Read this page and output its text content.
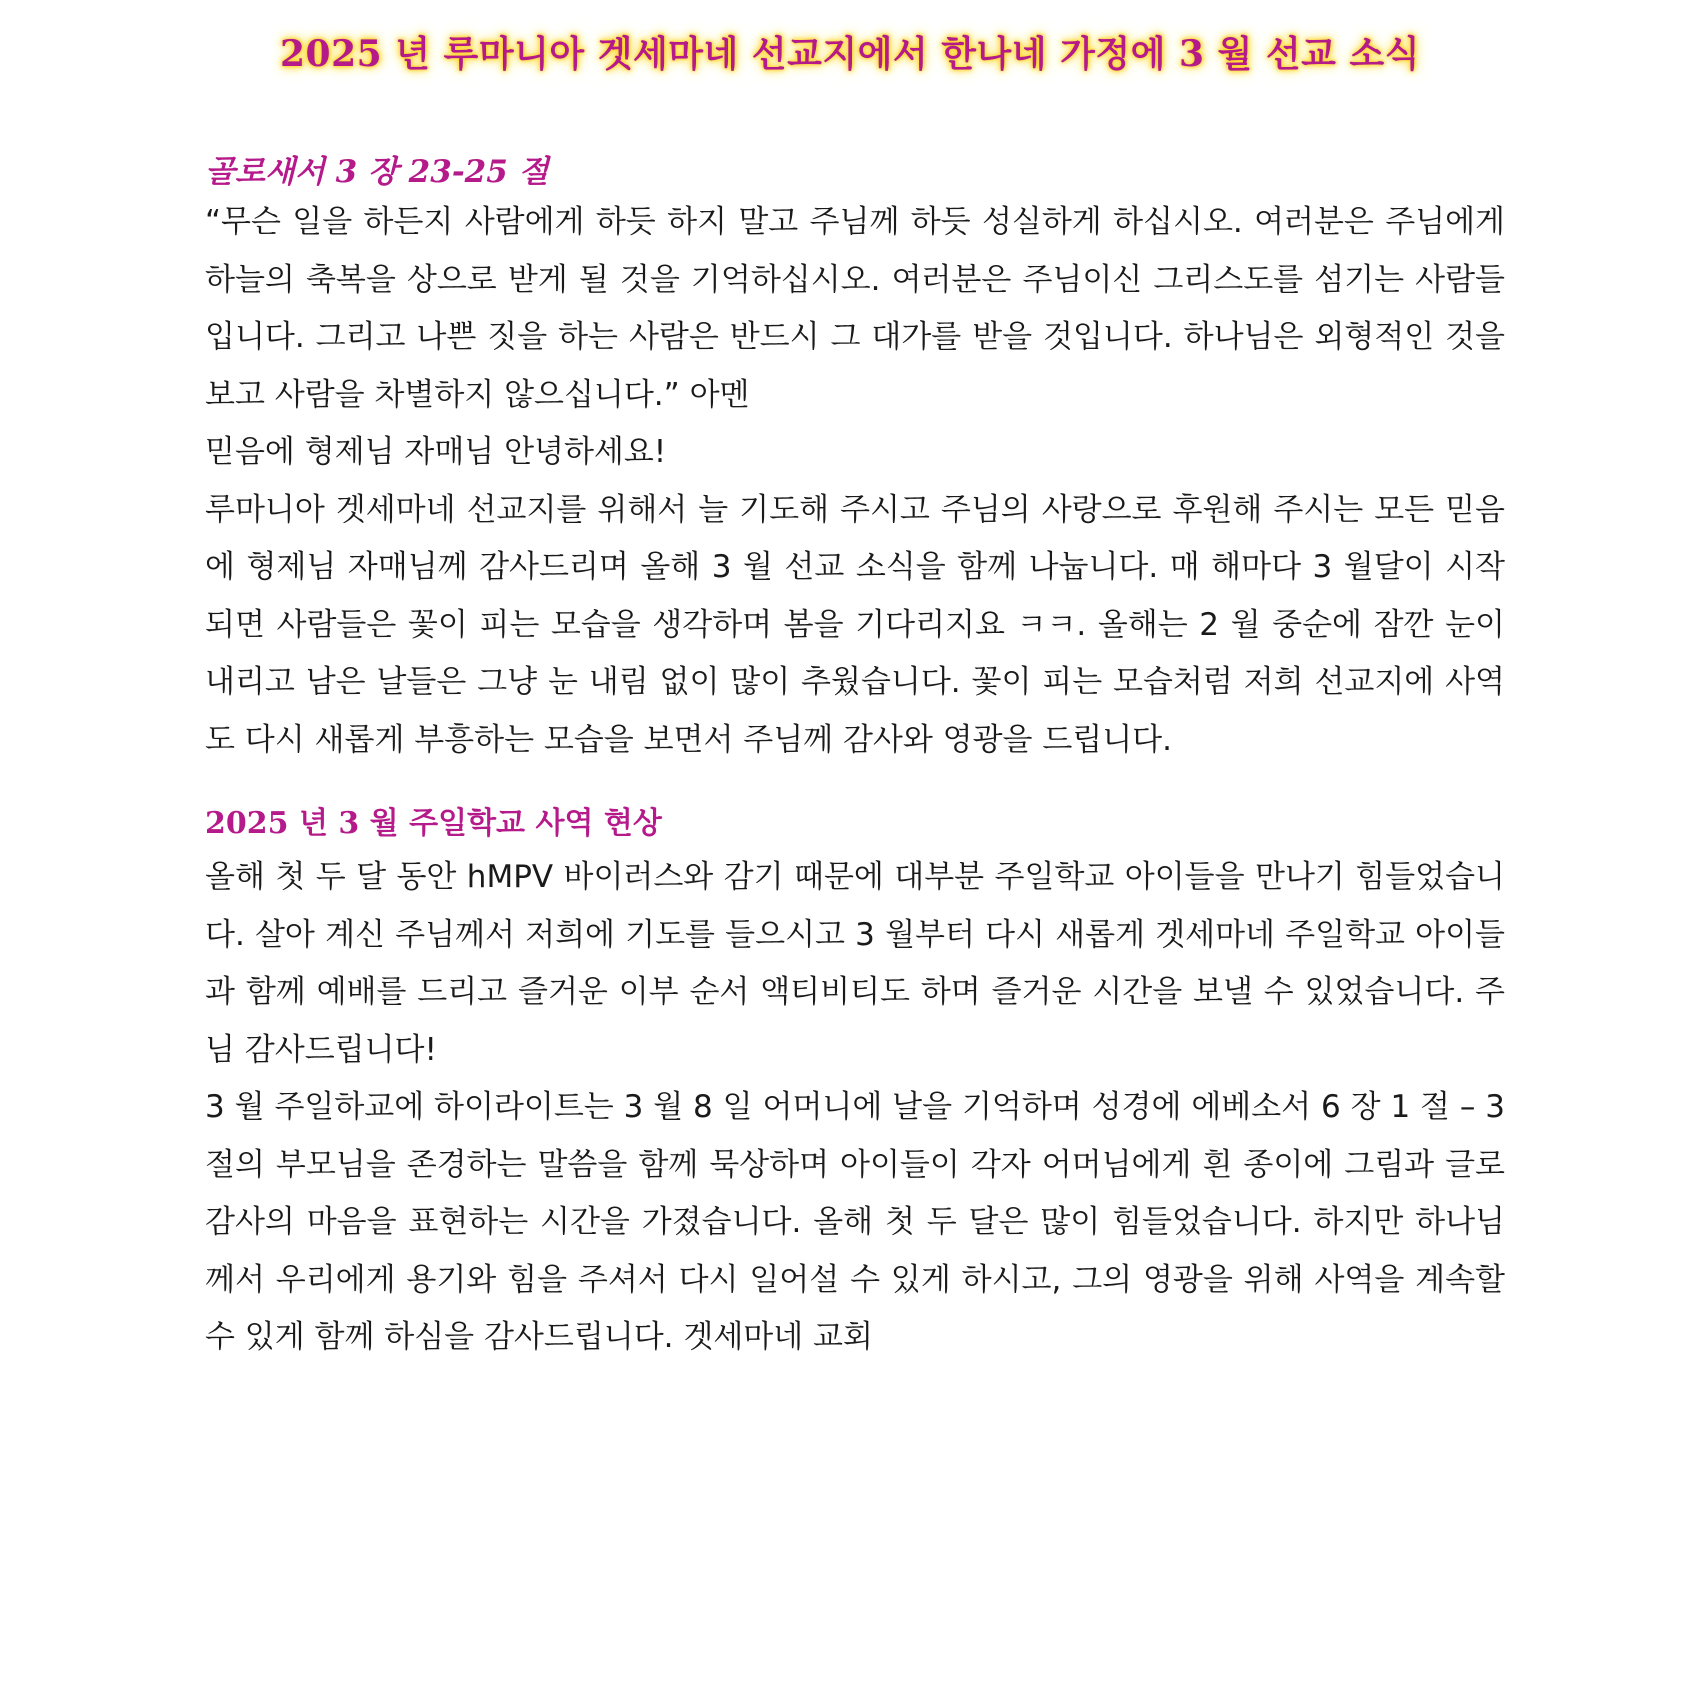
2025 년 루마니아 겟세마네 선교지에서 한나네 가정에 3 월 선교 소식
골로새서 3 장 23-25 절

“무슨 일을 하든지 사람에게 하듯 하지 말고 주님께 하듯 성실하게 하십시오. 여러분은 주님에게 하늘의 축복을 상으로 받게 될 것을 기억하십시오. 여러분은 주님이신 그리스도를 섬기는 사람들입니다. 그리고 나쁜 짓을 하는 사람은 반드시 그 대가를 받을 것입니다. 하나님은 외형적인 것을 보고 사람을 차별하지 않으십니다.” 아멘

믿음에 형제님 자매님 안녕하세요!

루마니아 겟세마네 선교지를 위해서 늘 기도해 주시고 주님의 사랑으로 후원해 주시는 모든 믿음에 형제님 자매님께 감사드리며 올해 3 월 선교 소식을 함께 나눕니다. 매 해마다 3 월달이 시작되면 사람들은 꽃이 피는 모습을 생각하며 봄을 기다리지요 ㅋㅋ. 올해는 2 월 중순에 잠깐 눈이 내리고 남은 날들은 그냥 눈 내림 없이 많이 추웠습니다. 꽃이 피는 모습처럼 저희 선교지에 사역도 다시 새롭게 부흥하는 모습을 보면서 주님께 감사와 영광을 드립니다.

2025 년 3 월 주일학교 사역 현상

올해 첫 두 달 동안 hMPV 바이러스와 감기 때문에 대부분 주일학교 아이들을 만나기 힘들었습니다. 살아 계신 주님께서 저희에 기도를 들으시고 3 월부터 다시 새롭게 겟세마네 주일학교 아이들과 함께 예배를 드리고 즐거운 이부 순서 액티비티도 하며 즐거운 시간을 보낼 수 있었습니다. 주님 감사드립니다!

3 월 주일하교에 하이라이트는 3 월 8 일 어머니에 날을 기억하며 성경에 에베소서 6 장 1 절 – 3 절의 부모님을 존경하는 말씀을 함께 묵상하며 아이들이 각자 어머님에게 흰 종이에 그림과 글로 감사의 마음을 표현하는 시간을 가졌습니다. 올해 첫 두 달은 많이 힘들었습니다. 하지만 하나님께서 우리에게 용기와 힘을 주셔서 다시 일어설 수 있게 하시고, 그의 영광을 위해 사역을 계속할 수 있게 함께 하심을 감사드립니다. 겟세마네 교회
